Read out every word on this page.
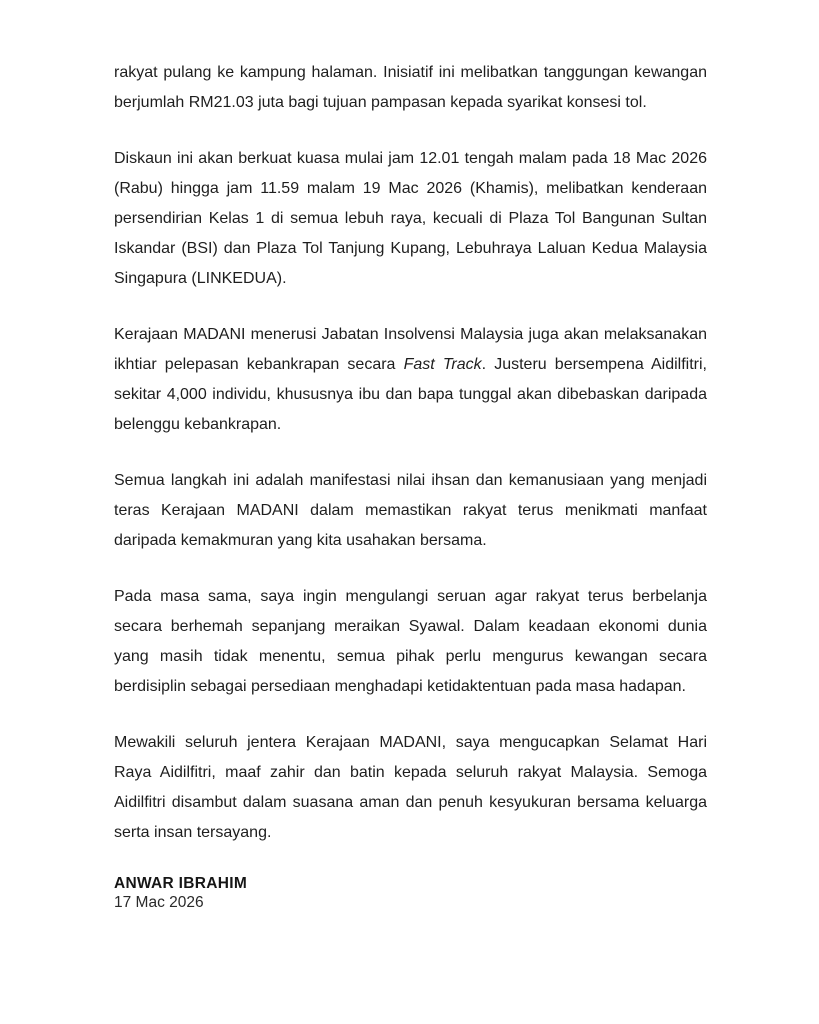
rakyat pulang ke kampung halaman. Inisiatif ini melibatkan tanggungan kewangan berjumlah RM21.03 juta bagi tujuan pampasan kepada syarikat konsesi tol.

Diskaun ini akan berkuat kuasa mulai jam 12.01 tengah malam pada 18 Mac 2026 (Rabu) hingga jam 11.59 malam 19 Mac 2026 (Khamis), melibatkan kenderaan persendirian Kelas 1 di semua lebuh raya, kecuali di Plaza Tol Bangunan Sultan Iskandar (BSI) dan Plaza Tol Tanjung Kupang, Lebuhraya Laluan Kedua Malaysia Singapura (LINKEDUA).

Kerajaan MADANI menerusi Jabatan Insolvensi Malaysia juga akan melaksanakan ikhtiar pelepasan kebankrapan secara Fast Track. Justeru bersempena Aidilfitri, sekitar 4,000 individu, khususnya ibu dan bapa tunggal akan dibebaskan daripada belenggu kebankrapan.

Semua langkah ini adalah manifestasi nilai ihsan dan kemanusiaan yang menjadi teras Kerajaan MADANI dalam memastikan rakyat terus menikmati manfaat daripada kemakmuran yang kita usahakan bersama.

Pada masa sama, saya ingin mengulangi seruan agar rakyat terus berbelanja secara berhemah sepanjang meraikan Syawal. Dalam keadaan ekonomi dunia yang masih tidak menentu, semua pihak perlu mengurus kewangan secara berdisiplin sebagai persediaan menghadapi ketidaktentuan pada masa hadapan.

Mewakili seluruh jentera Kerajaan MADANI, saya mengucapkan Selamat Hari Raya Aidilfitri, maaf zahir dan batin kepada seluruh rakyat Malaysia. Semoga Aidilfitri disambut dalam suasana aman dan penuh kesyukuran bersama keluarga serta insan tersayang.

ANWAR IBRAHIM
17 Mac 2026
